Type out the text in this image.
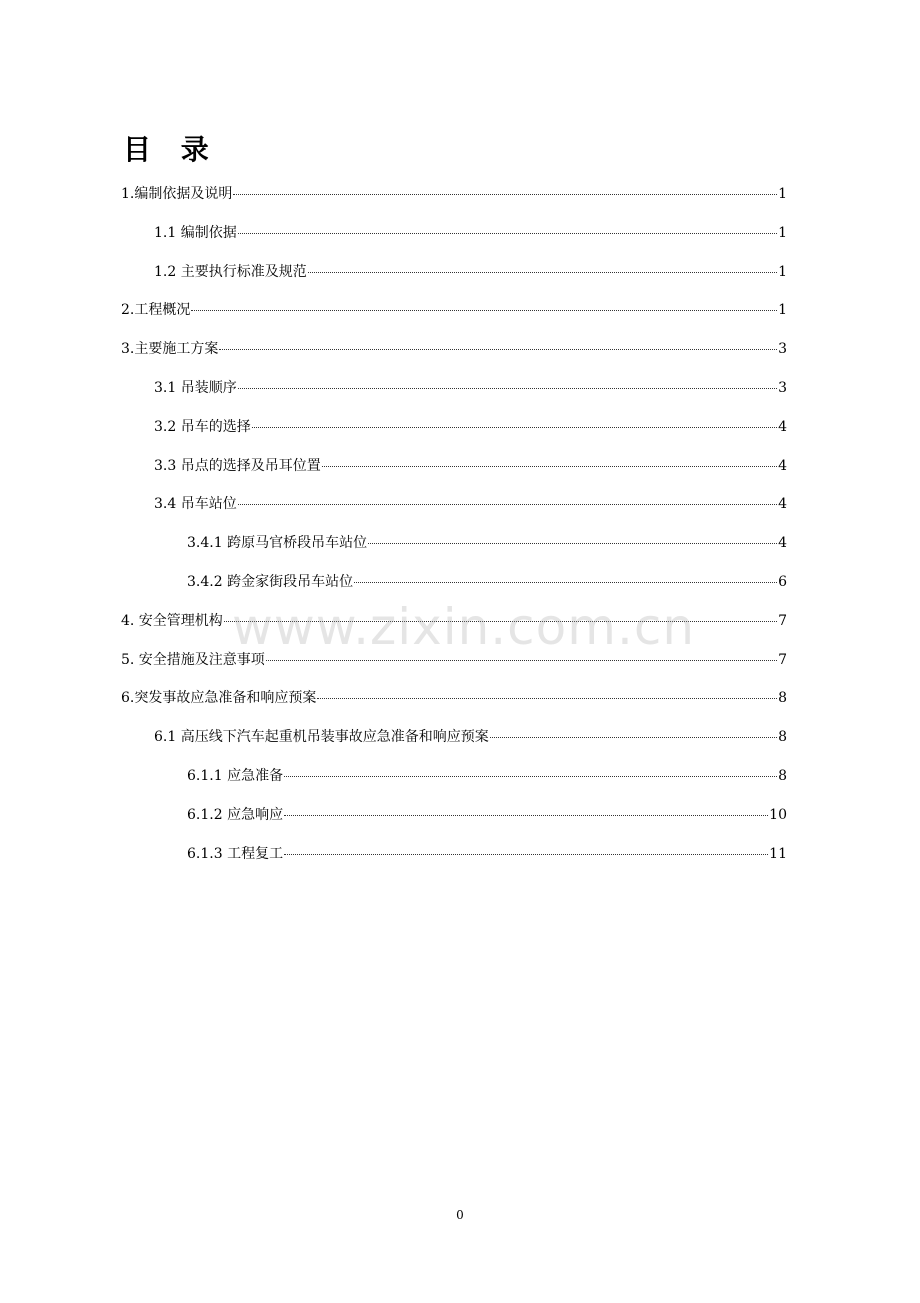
目 录
1.编制依据及说明	1
1.1 编制依据	1
1.2 主要执行标准及规范	1
2.工程概况	1
3.主要施工方案	3
3.1 吊装顺序	3
3.2 吊车的选择	4
3.3 吊点的选择及吊耳位置	4
3.4 吊车站位	4
3.4.1 跨原马官桥段吊车站位	4
3.4.2 跨金家街段吊车站位	6
4. 安全管理机构	7
5. 安全措施及注意事项	7
6.突发事故应急准备和响应预案	8
6.1 高压线下汽车起重机吊装事故应急准备和响应预案	8
6.1.1 应急准备	8
6.1.2 应急响应	10
6.1.3 工程复工	11
www.zixin.com.cn
0
